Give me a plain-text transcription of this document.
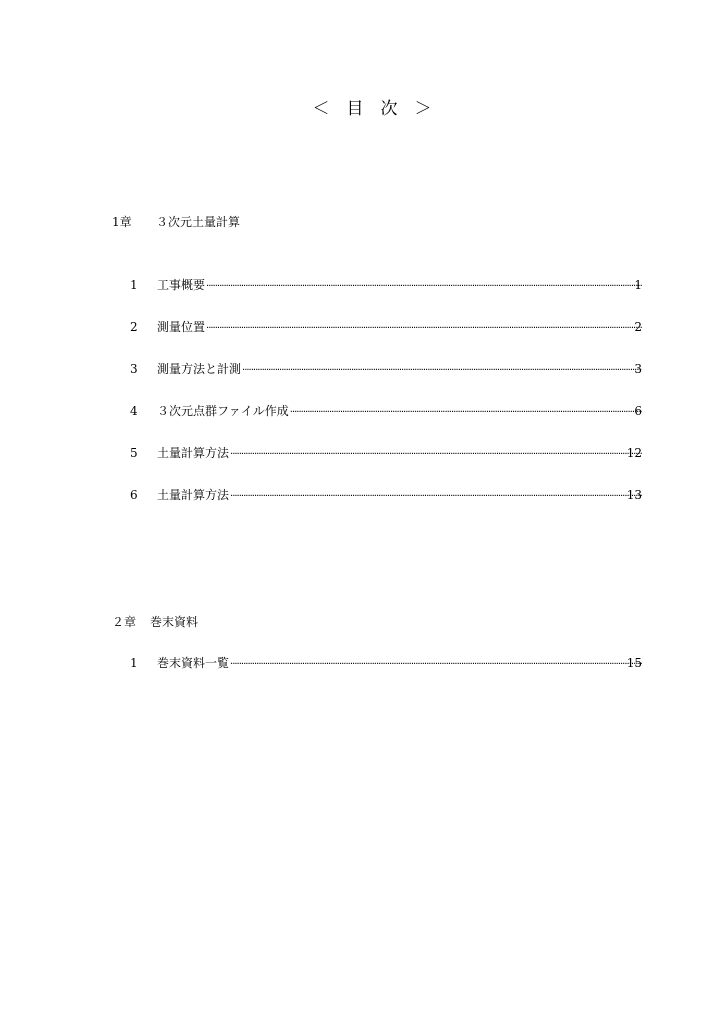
＜　目　次　＞
1章 ３次元土量計算
1	工事概要 ·····	1
2	測量位置 ·····	2
3	測量方法と計測 ·····	3
4	３次元点群ファイル作成 ·····	6
5	土量計算方法 ·····	12
6	土量計算方法 ·····	13
２章 巻末資料
1	巻末資料一覧 ·····	15
